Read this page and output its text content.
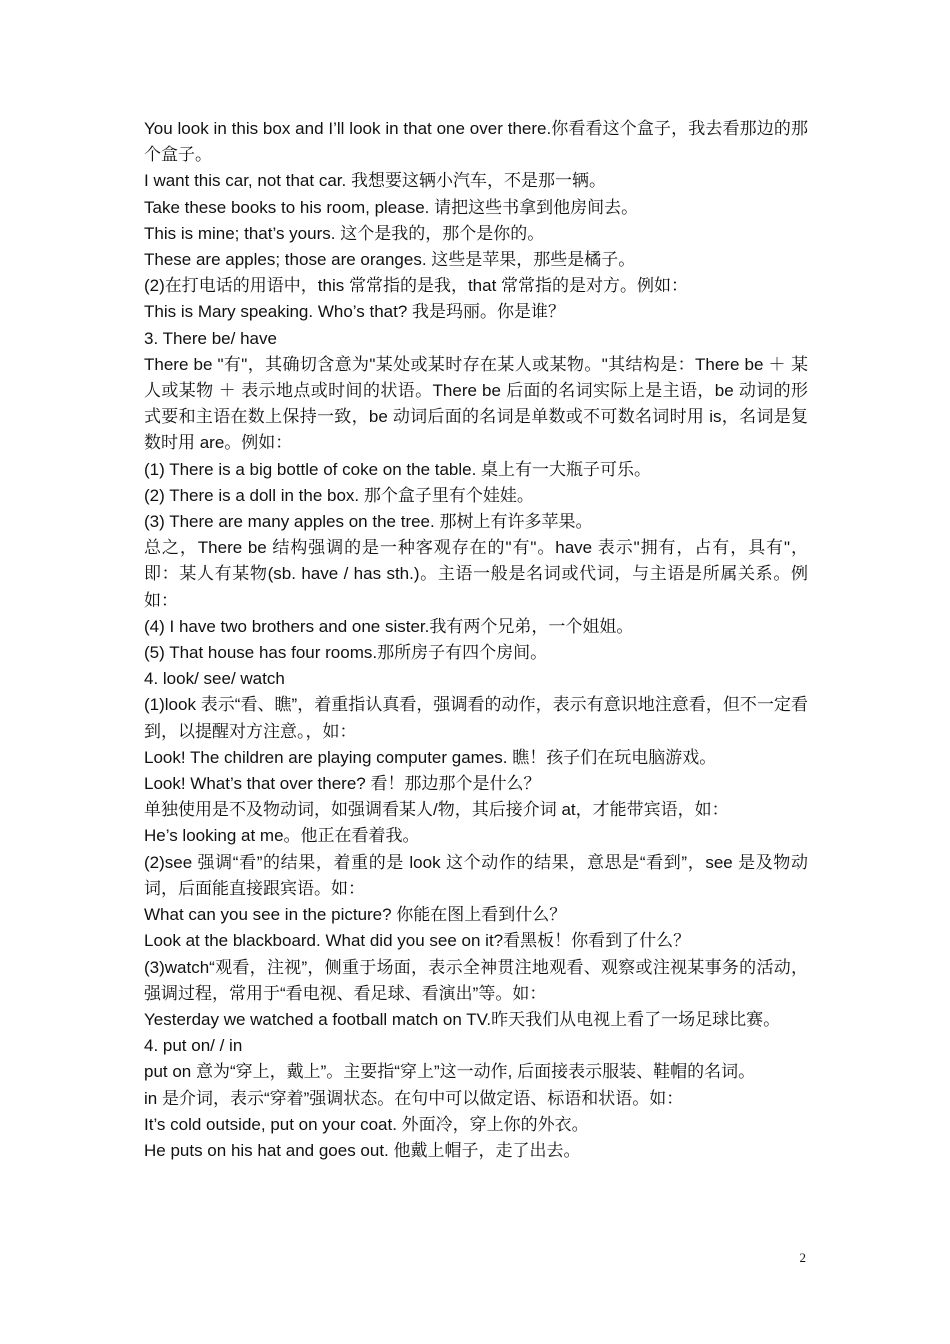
You look in this box and I’ll look in that one over there.你看看这个盒子，我去看那边的那个盒子。
I want this car, not that car. 我想要这辆小汽车，不是那一辆。
Take these books to his room, please. 请把这些书拿到他房间去。
This is mine; that’s yours. 这个是我的，那个是你的。
These are apples; those are oranges. 这些是苹果，那些是橘子。
(2)在打电话的用语中，this 常常指的是我，that 常常指的是对方。例如：
This is Mary speaking. Who’s that? 我是玛丽。你是谁？
3. There be/ have
There be "有"，其确切含意为"某处或某时存在某人或某物。"其结构是：There be ＋ 某人或某物 ＋ 表示地点或时间的状语。There be 后面的名词实际上是主语，be 动词的形式要和主语在数上保持一致，be 动词后面的名词是单数或不可数名词时用 is，名词是复数时用 are。例如：
(1) There is a big bottle of coke on the table. 桌上有一大瓶子可乐。
(2) There is a doll in the box. 那个盒子里有个娃娃。
(3) There are many apples on the tree. 那树上有许多苹果。
总之，There be 结构强调的是一种客观存在的"有"。have 表示"拥有，占有，具有"，即：某人有某物(sb. have / has sth.)。主语一般是名词或代词，与主语是所属关系。例如：
(4) I have two brothers and one sister.我有两个兄弟，一个姐姐。
(5) That house has four rooms.那所房子有四个房间。
4. look/ see/ watch
(1)look 表示“看、瞧”，着重指认真看，强调看的动作，表示有意识地注意看，但不一定看到，以提醒对方注意。，如：
Look! The children are playing computer games. 瞧！孩子们在玩电脑游戏。
Look! What’s that over there? 看！那边那个是什么？
单独使用是不及物动词，如强调看某人/物，其后接介词 at，才能带宾语，如：
He’s looking at me。他正在看着我。
(2)see 强调“看”的结果，着重的是 look 这个动作的结果，意思是“看到”，see 是及物动词，后面能直接跟宾语。如：
What can you see in the picture? 你能在图上看到什么？
Look at the blackboard. What did you see on it?看黑板！你看到了什么？
(3)watch“观看，注视”，侧重于场面，表示全神贯注地观看、观察或注视某事务的活动，强调过程，常用于“看电视、看足球、看演出”等。如：
Yesterday we watched a football match on TV.昨天我们从电视上看了一场足球比赛。
4. put on/ / in
put on 意为“穿上，戴上”。主要指“穿上”这一动作, 后面接表示服装、鞋帽的名词。
in 是介词，表示“穿着”强调状态。在句中可以做定语、标语和状语。如：
It’s cold outside, put on your coat. 外面冷，穿上你的外衣。
He puts on his hat and goes out. 他戴上帽子，走了出去。
2
